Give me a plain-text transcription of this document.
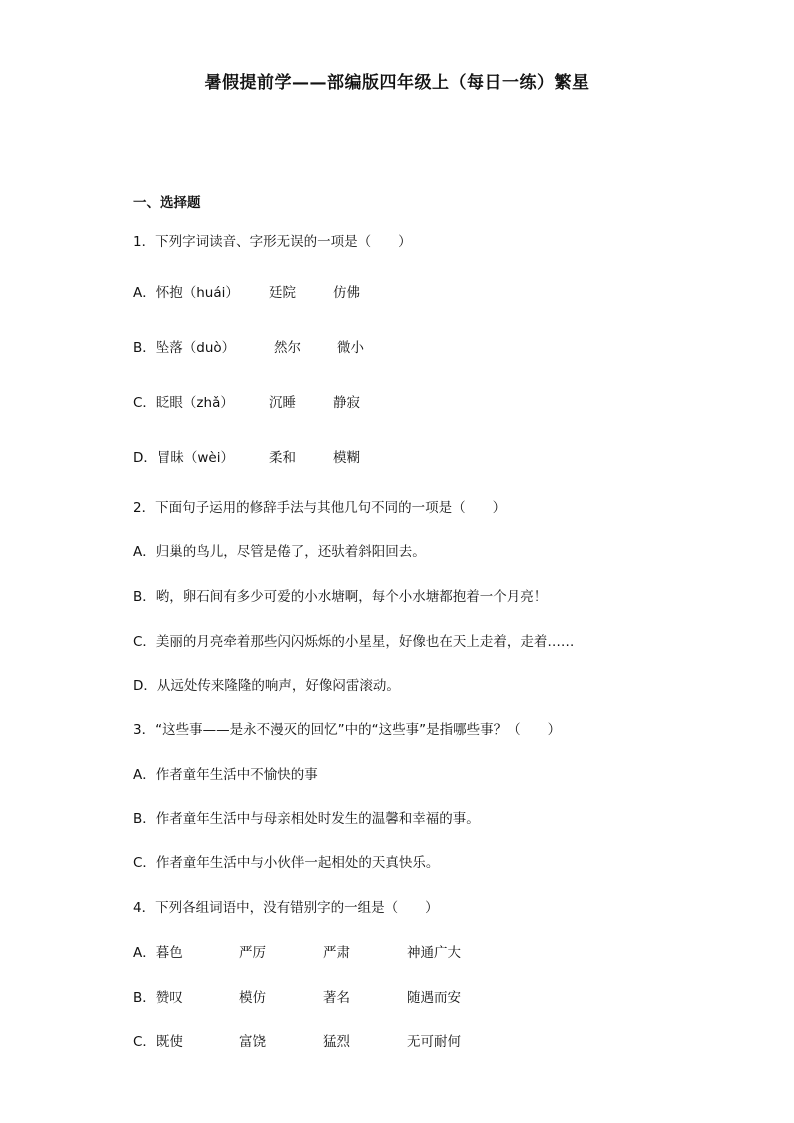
暑假提前学——部编版四年级上（每日一练）繁星
一、选择题
1．下列字词读音、字形无误的一项是（　　）
A．怀抱（huái） 廷院	仿佛
B．坠落（duò）	然尔	微小
C．眨眼（zhǎ）	沉睡	静寂
D．冒昧（wèi）	柔和	模糊
2．下面句子运用的修辞手法与其他几句不同的一项是（　　）
A．归巢的鸟儿，尽管是倦了，还驮着斜阳回去。
B．哟，卵石间有多少可爱的小水塘啊，每个小水塘都抱着一个月亮！
C．美丽的月亮牵着那些闪闪烁烁的小星星，好像也在天上走着，走着……
D．从远处传来隆隆的响声，好像闷雷滚动。
3．“这些事——是永不漫灭的回忆”中的“这些事”是指哪些事？（　　）
A．作者童年生活中不愉快的事
B．作者童年生活中与母亲相处时发生的温馨和幸福的事。
C．作者童年生活中与小伙伴一起相处的天真快乐。
4．下列各组词语中，没有错别字的一组是（　　）
A．暮色	严厉	严肃	神通广大
B．赞叹	模仿	著名	随遇而安
C．既使	富饶	猛烈	无可耐何
